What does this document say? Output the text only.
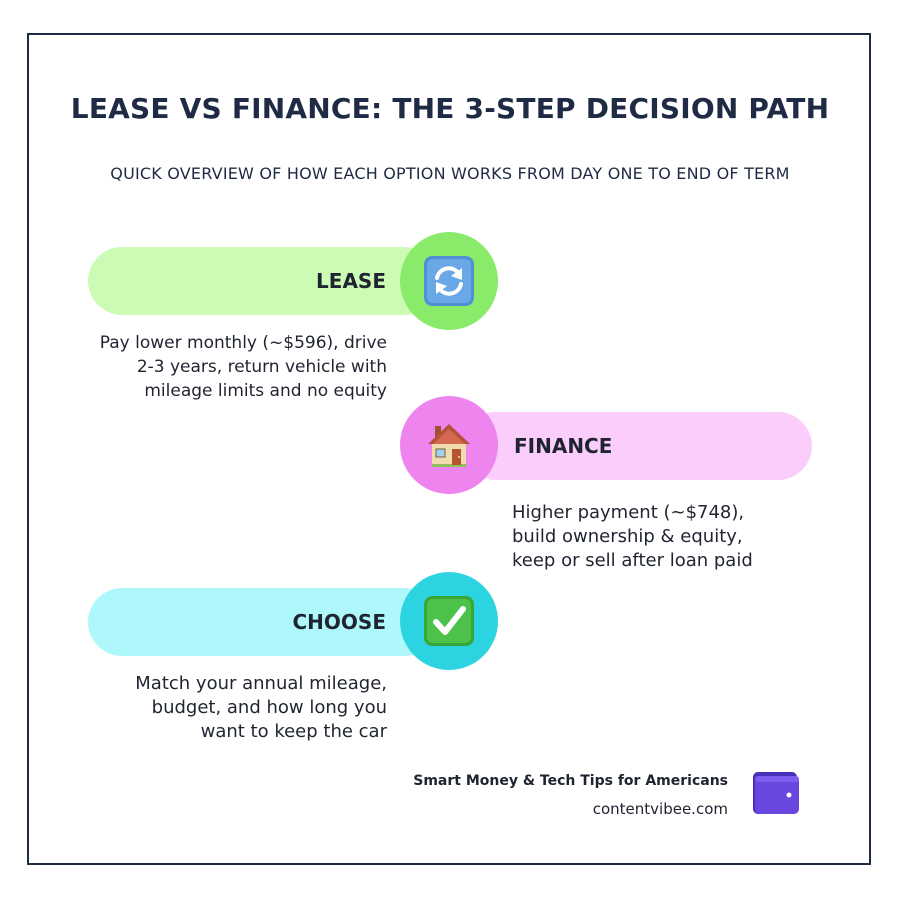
LEASE VS FINANCE: THE 3-STEP DECISION PATH
QUICK OVERVIEW OF HOW EACH OPTION WORKS FROM DAY ONE TO END OF TERM
LEASE
Pay lower monthly (~$596), drive
2-3 years, return vehicle with
mileage limits and no equity
FINANCE
Higher payment (~$748),
build ownership & equity,
keep or sell after loan paid
CHOOSE
Match your annual mileage,
budget, and how long you
want to keep the car
Smart Money & Tech Tips for Americans
contentvibee.com
